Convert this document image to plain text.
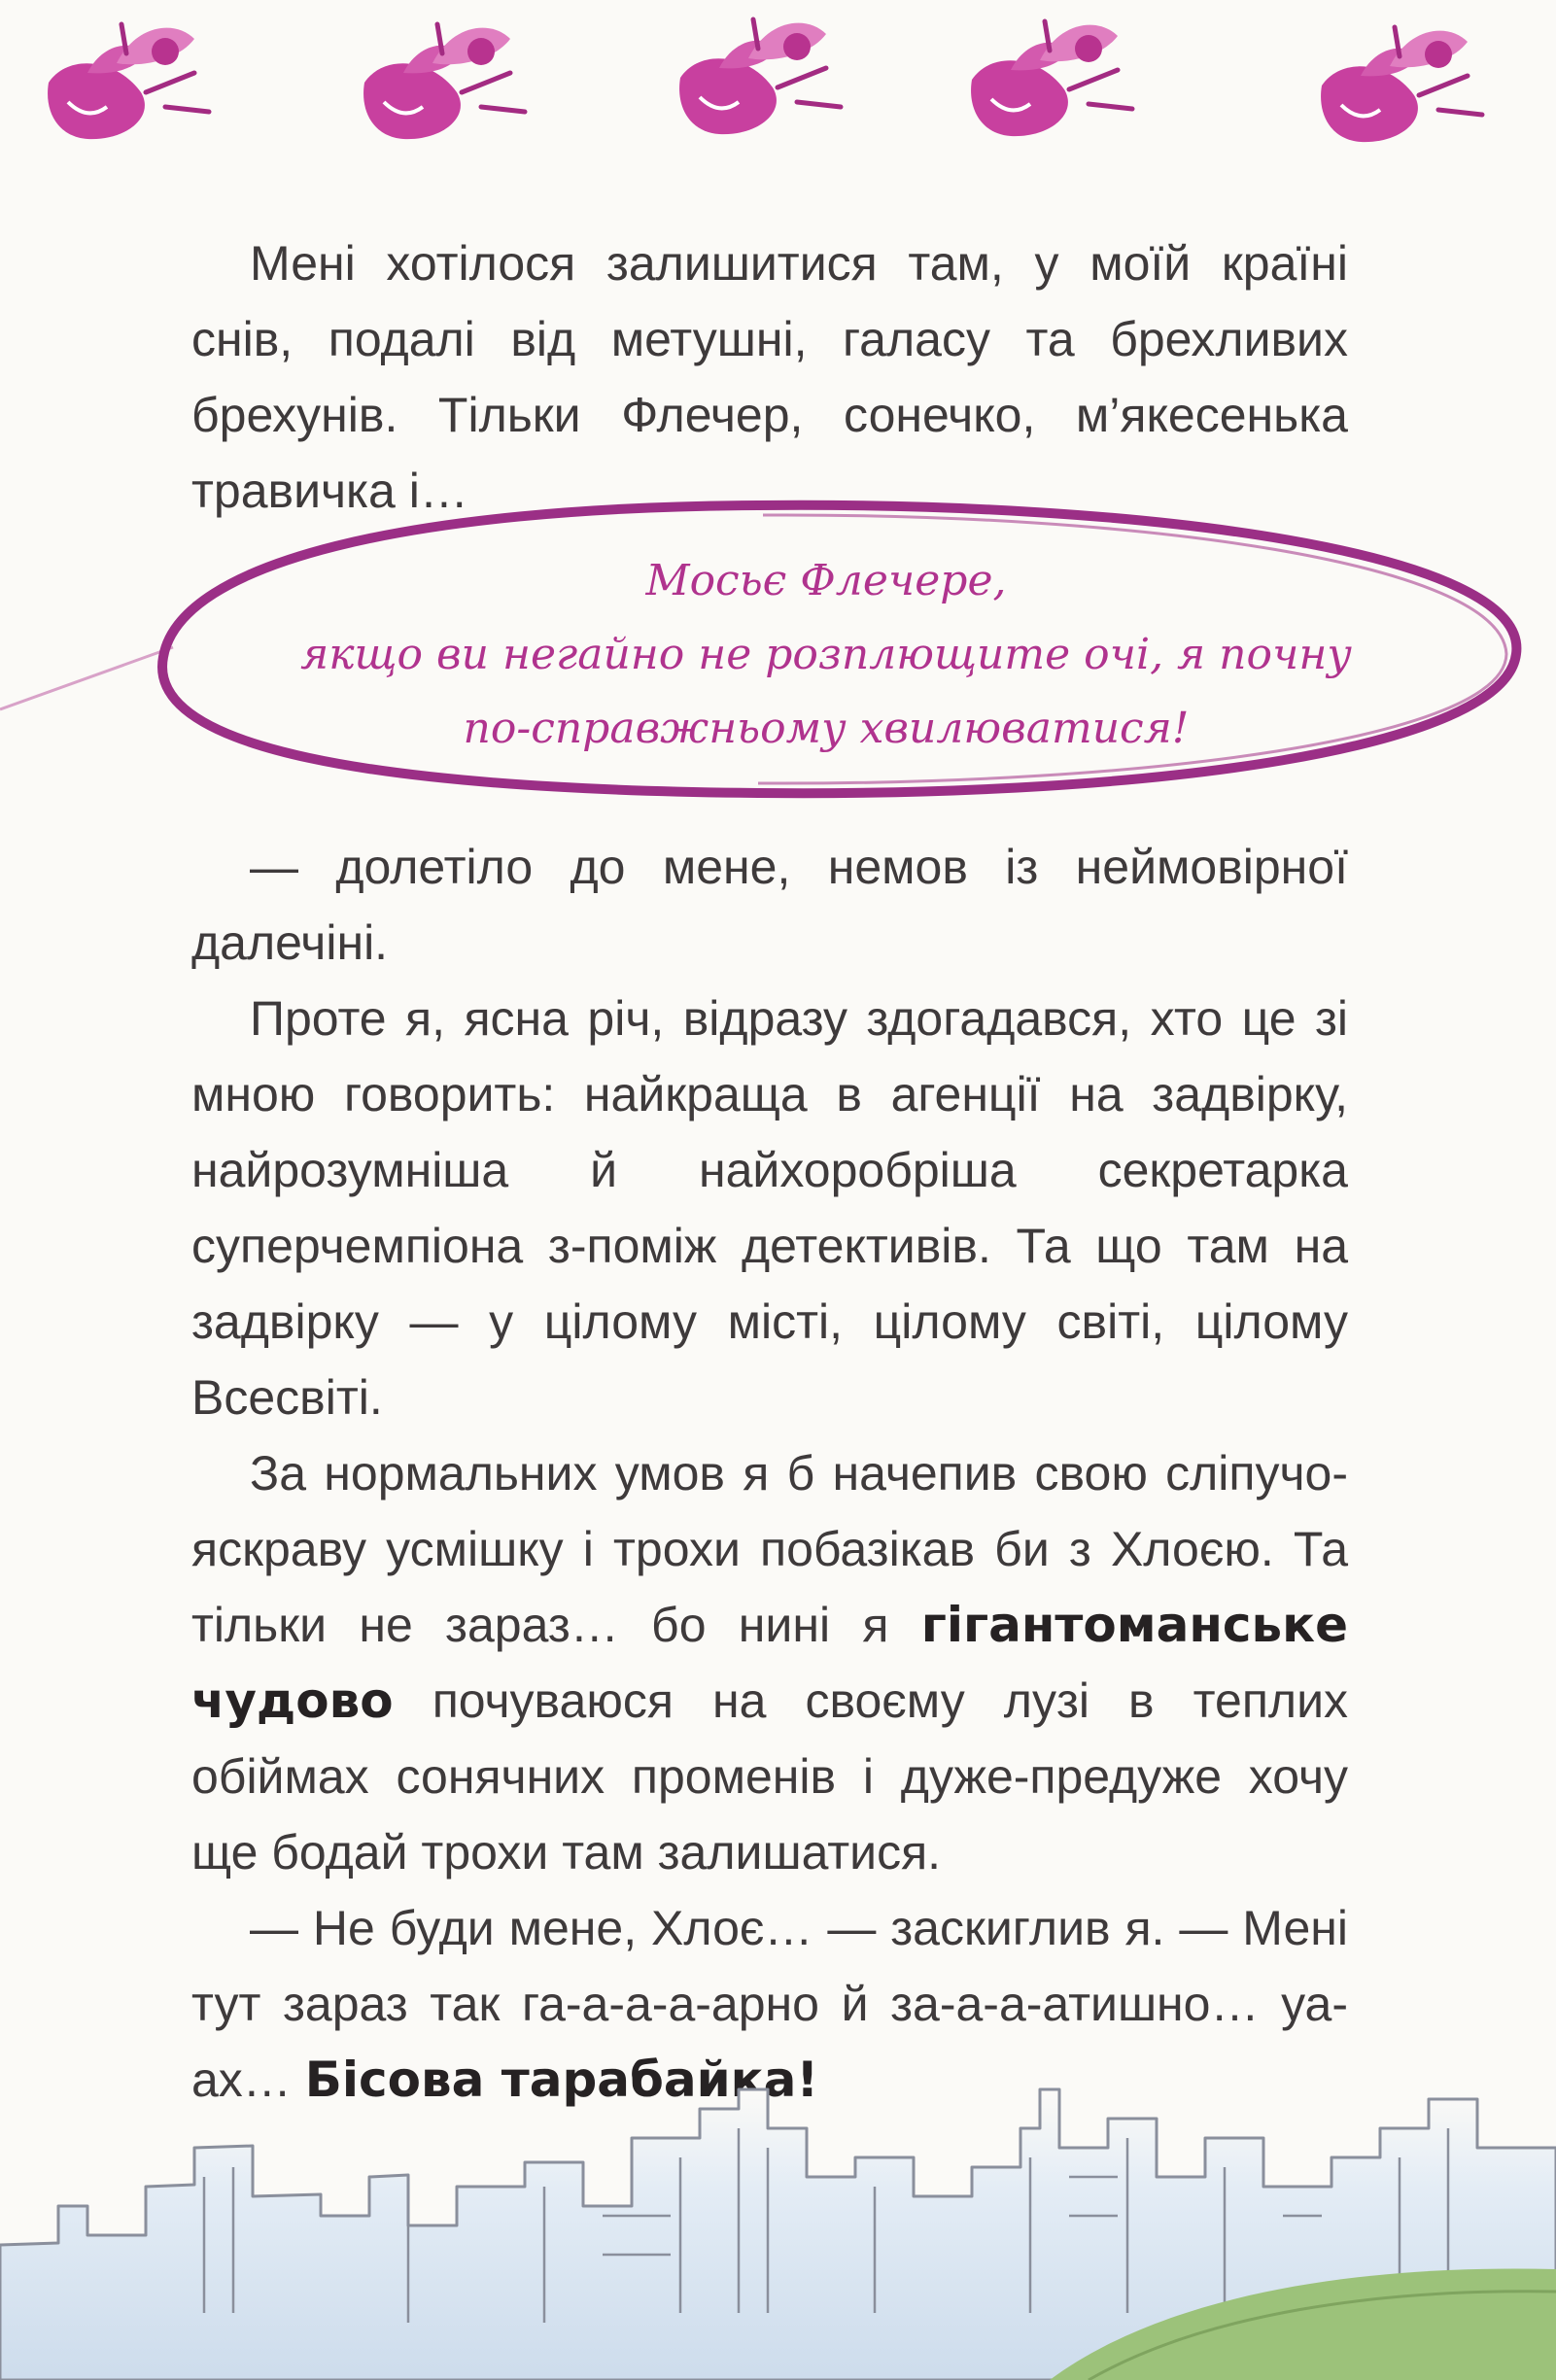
Мені хотілося залишитися там, у моїй країні снів, подалі від метушні, галасу та брехливих брехунів. Тільки Флечер, сонечко, м’якесенька травичка і…

Мосьє Флечере,
якщо ви негайно не розплющите очі, я почну
по-справжньому хвилюватися!

— долетіло до мене, немов із неймовірної далечіні.

Проте я, ясна річ, відразу здогадався, хто це зі мною говорить: найкраща в агенції на задвірку, найрозумніша й найхоробріша секретарка суперчемпіона з-поміж детективів. Та що там на задвірку — у цілому місті, цілому світі, цілому Всесвіті.

За нормальних умов я б начепив свою сліпучо-яскраву усмішку і трохи побазікав би з Хлоєю. Та тільки не зараз… бо нині я гігантоманське чудово почуваюся на своєму лузі в теплих обіймах сонячних променів і дуже-предуже хочу ще бодай трохи там залишатися.

— Не буди мене, Хлоє… — заскиглив я. — Мені тут зараз так га-а-а-а-арно й за-а-а-атишно… уа-ах… Бісова тарабайка!
